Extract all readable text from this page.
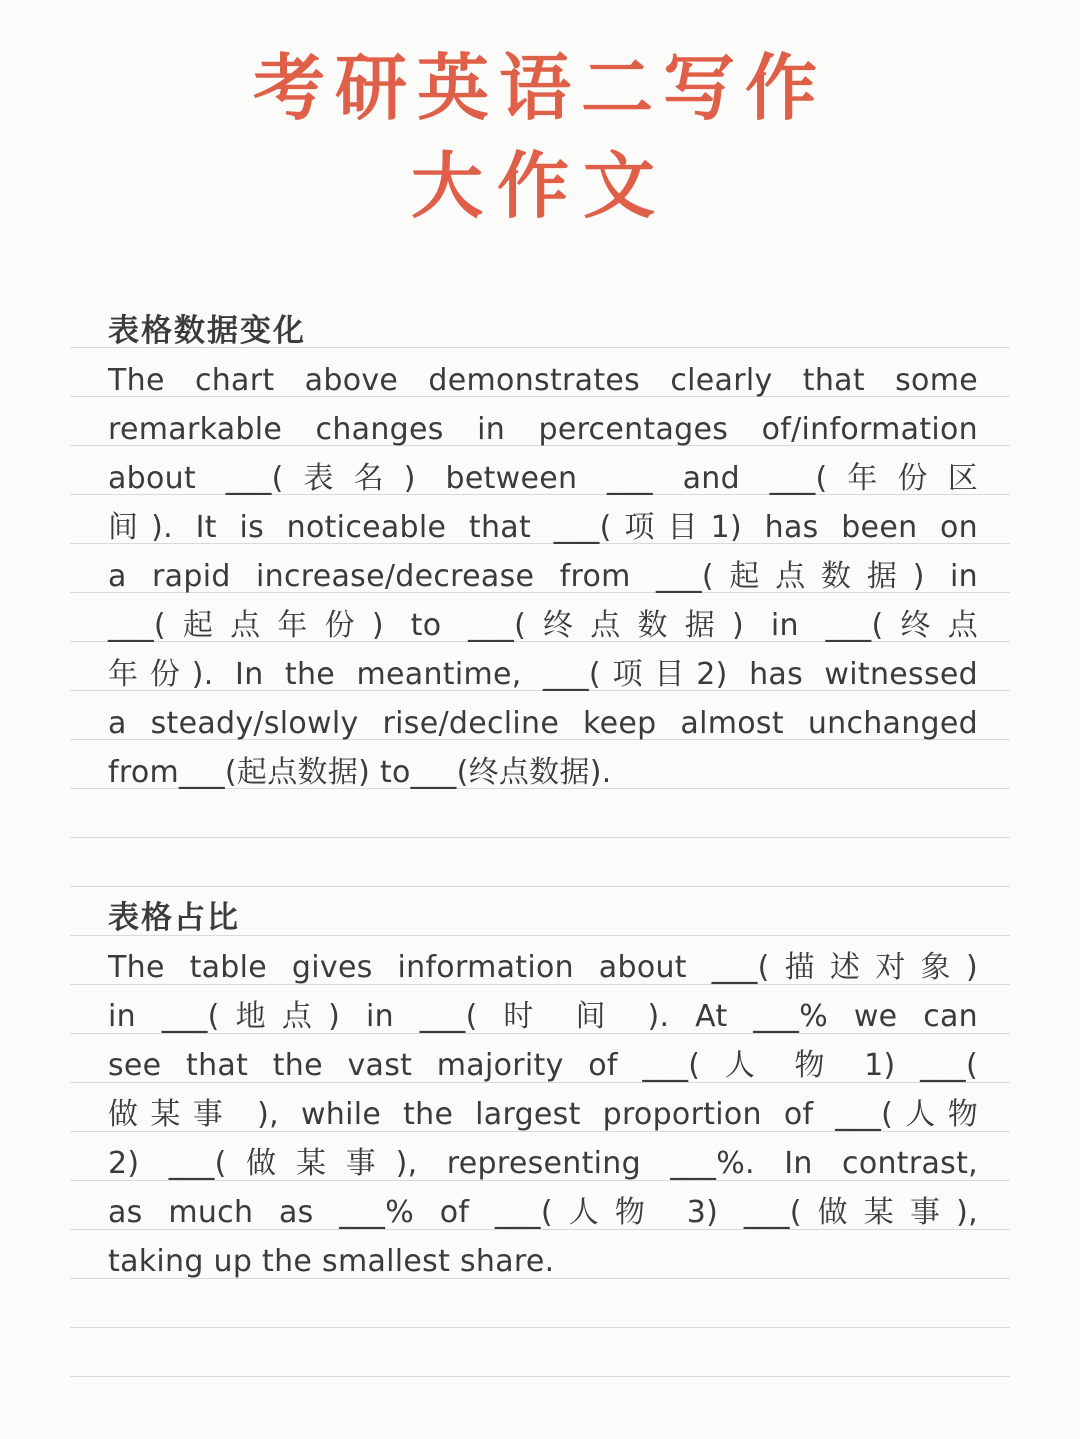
考研英语二写作
大作文
表格数据变化
The chart above demonstrates clearly that some
remarkable changes in percentages of/information
about ___(表名) between ___ and ___(年份区
间). It is noticeable that ___(项目1) has been on
a rapid increase/decrease from ___(起点数据) in
___(起点年份) to ___(终点数据) in ___(终点
年份). In the meantime, ___(项目2) has witnessed
a steady/slowly rise/decline keep almost unchanged
from___(起点数据) to___(终点数据).
表格占比
The table gives information about ___(描述对象)
in ___(地点) in ___( 时 间 ). At ___% we can
see that the vast majority of ___( 人 物 1) ___(
做某事 ), while the largest proportion of ___(人物
2) ___(做某事), representing ___%. In contrast,
as much as ___% of ___(人物 3) ___(做某事),
taking up the smallest share.
